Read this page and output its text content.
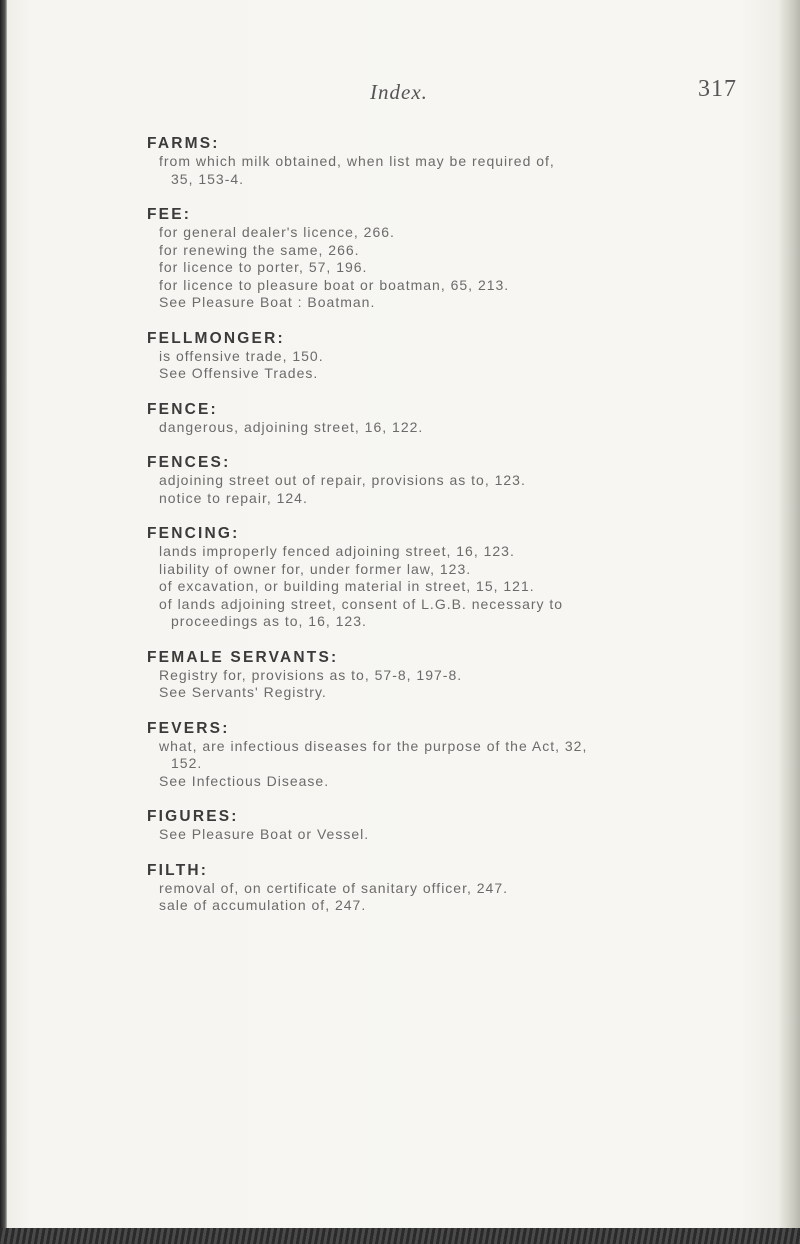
Index.	317
FARMS:
from which milk obtained, when list may be required of,
35, 153-4.
FEE:
for general dealer's licence, 266.
for renewing the same, 266.
for licence to porter, 57, 196.
for licence to pleasure boat or boatman, 65, 213.
See Pleasure Boat : Boatman.
FELLMONGER:
is offensive trade, 150.
See Offensive Trades.
FENCE:
dangerous, adjoining street, 16, 122.
FENCES:
adjoining street out of repair, provisions as to, 123.
notice to repair, 124.
FENCING:
lands improperly fenced adjoining street, 16, 123.
liability of owner for, under former law, 123.
of excavation, or building material in street, 15, 121.
of lands adjoining street, consent of L.G.B. necessary to
proceedings as to, 16, 123.
FEMALE SERVANTS:
Registry for, provisions as to, 57-8, 197-8.
See Servants' Registry.
FEVERS:
what, are infectious diseases for the purpose of the Act, 32,
152.
See Infectious Disease.
FIGURES:
See Pleasure Boat or Vessel.
FILTH:
removal of, on certificate of sanitary officer, 247.
sale of accumulation of, 247.
